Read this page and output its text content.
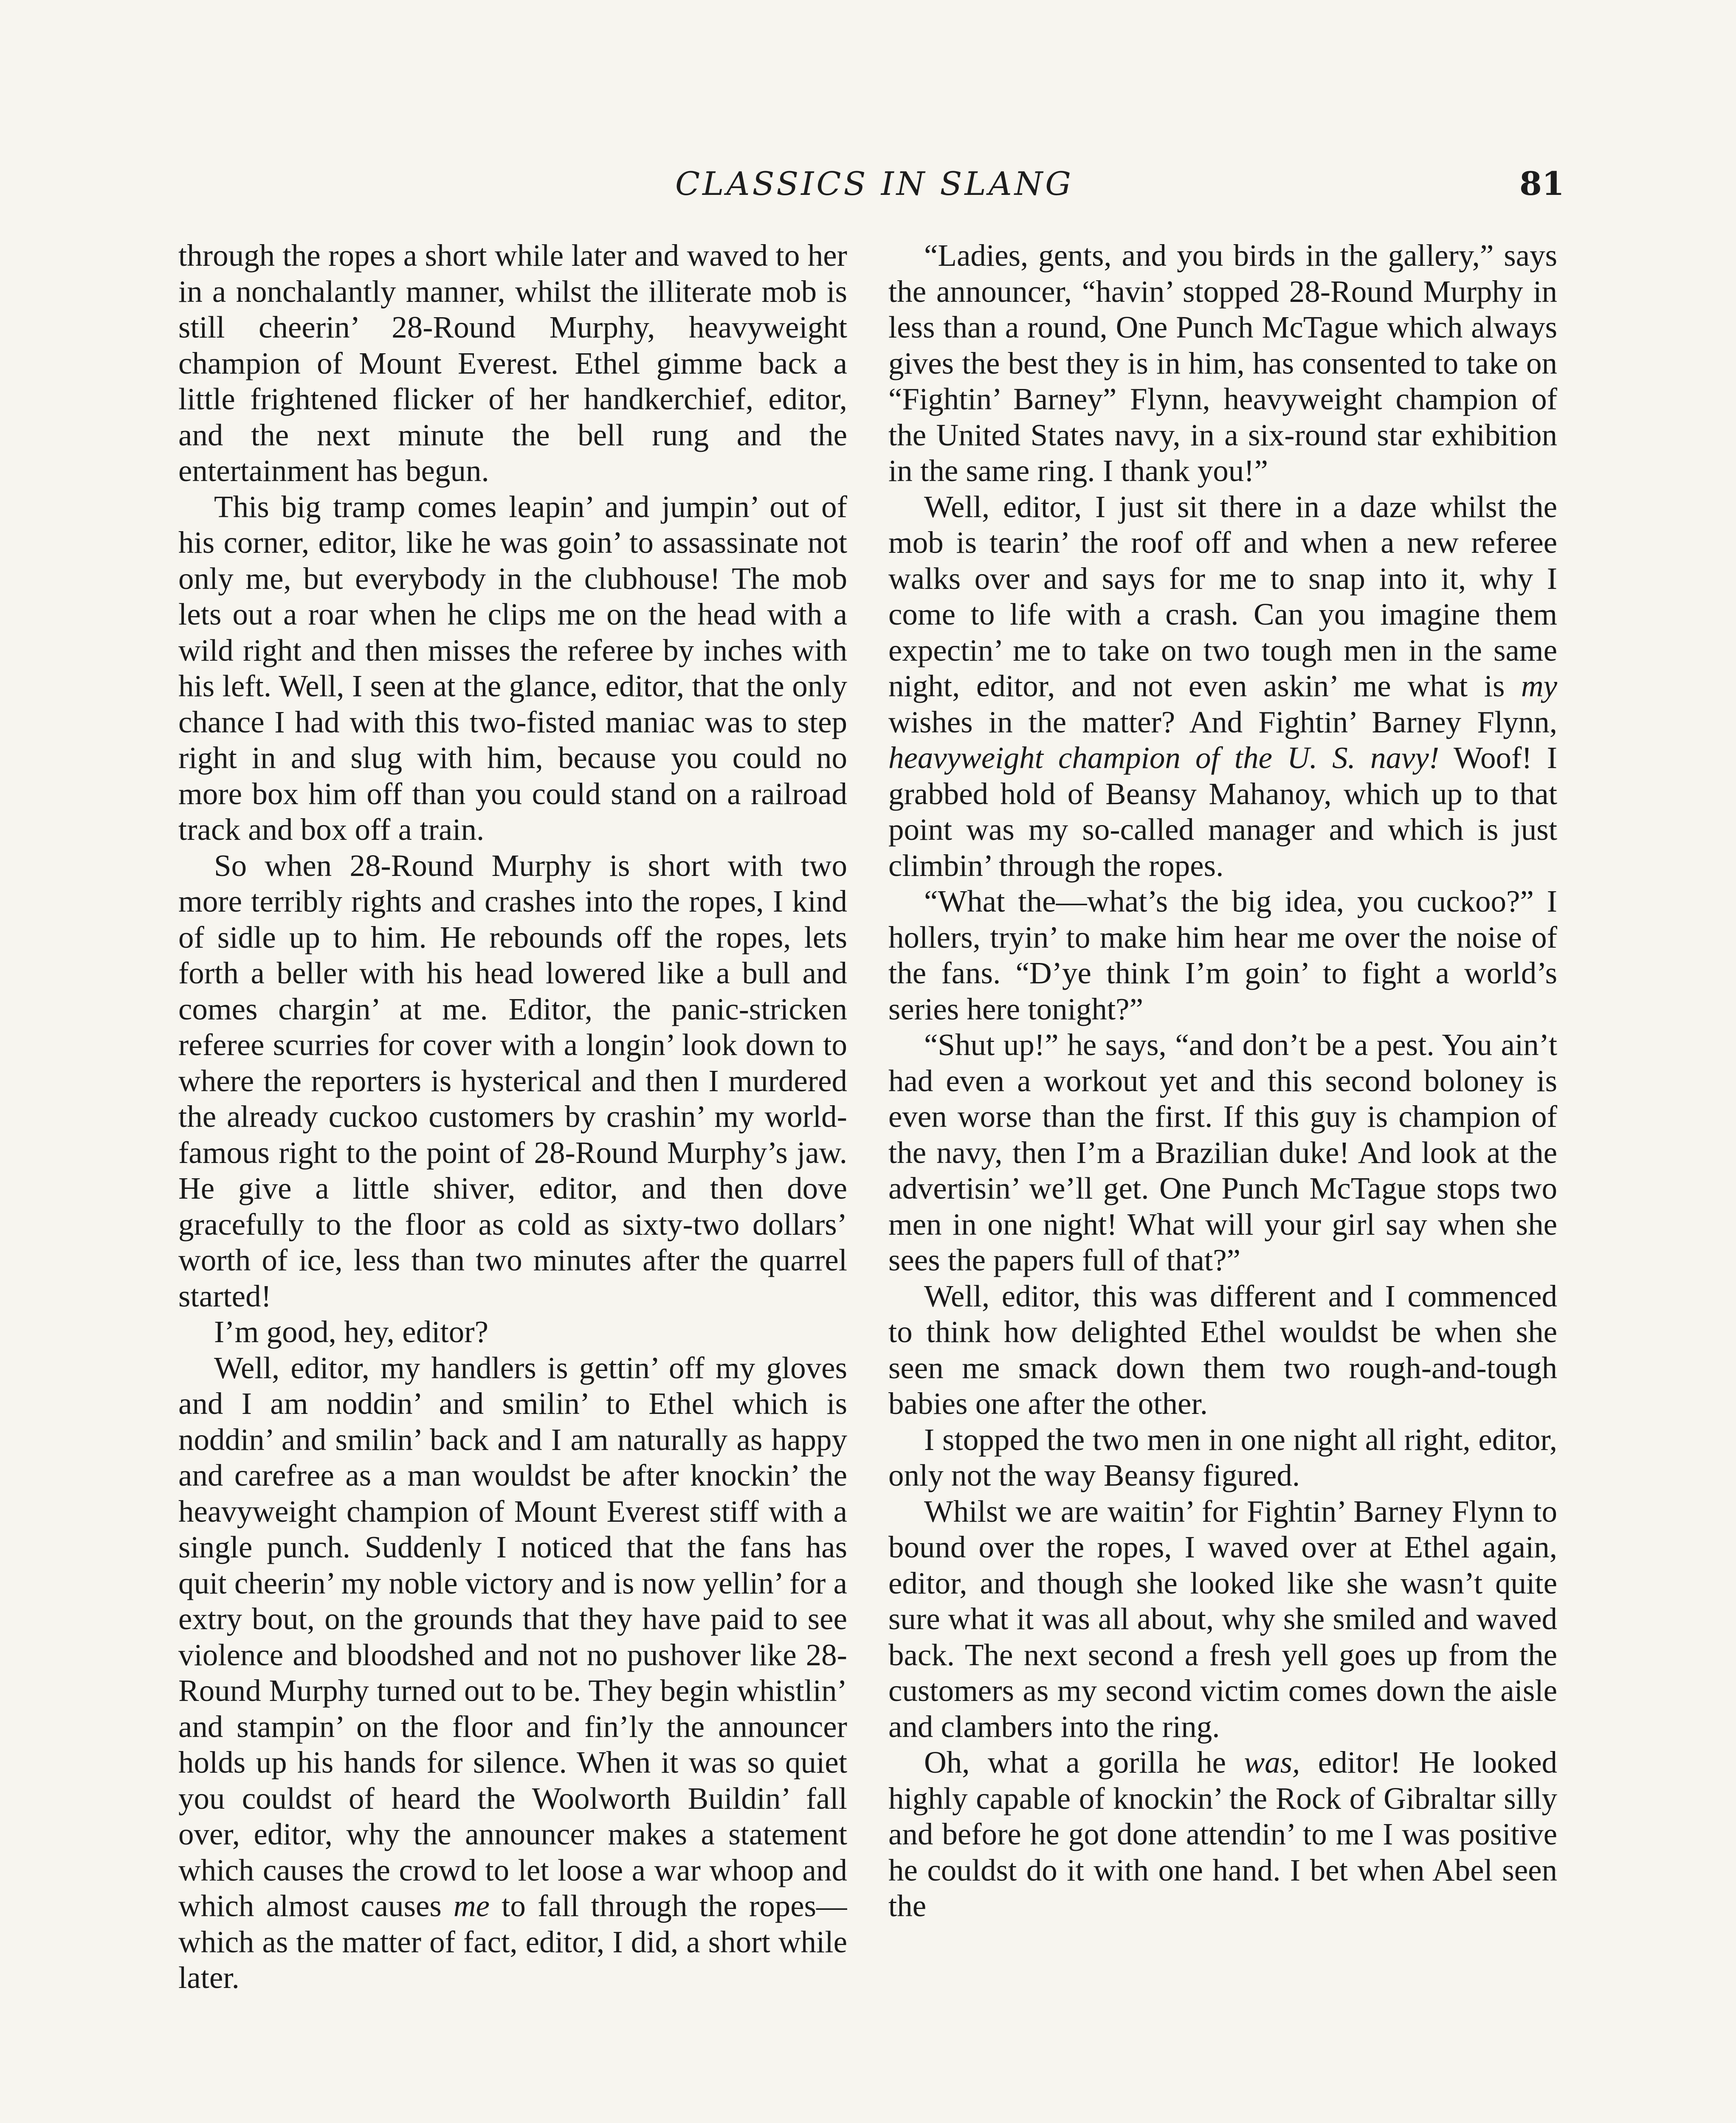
CLASSICS IN SLANG	81

through the ropes a short while later and waved to her in a nonchalantly manner, whilst the illiterate mob is still cheerin’ 28-Round Murphy, heavyweight champion of Mount Everest. Ethel gimme back a little frightened flicker of her handkerchief, editor, and the next minute the bell rung and the entertainment has begun.

This big tramp comes leapin’ and jumpin’ out of his corner, editor, like he was goin’ to assassinate not only me, but everybody in the clubhouse! The mob lets out a roar when he clips me on the head with a wild right and then misses the referee by inches with his left. Well, I seen at the glance, editor, that the only chance I had with this two-fisted maniac was to step right in and slug with him, because you could no more box him off than you could stand on a railroad track and box off a train.

So when 28-Round Murphy is short with two more terribly rights and crashes into the ropes, I kind of sidle up to him. He rebounds off the ropes, lets forth a beller with his head lowered like a bull and comes chargin’ at me. Editor, the panic-stricken referee scurries for cover with a longin’ look down to where the reporters is hysterical and then I murdered the already cuckoo customers by crashin’ my world-famous right to the point of 28-Round Murphy’s jaw. He give a little shiver, editor, and then dove gracefully to the floor as cold as sixty-two dollars’ worth of ice, less than two minutes after the quarrel started!

I’m good, hey, editor?

Well, editor, my handlers is gettin’ off my gloves and I am noddin’ and smilin’ to Ethel which is noddin’ and smilin’ back and I am naturally as happy and carefree as a man wouldst be after knockin’ the heavyweight champion of Mount Everest stiff with a single punch. Suddenly I noticed that the fans has quit cheerin’ my noble victory and is now yellin’ for a extry bout, on the grounds that they have paid to see violence and bloodshed and not no pushover like 28-Round Murphy turned out to be. They begin whistlin’ and stampin’ on the floor and fin’ly the announcer holds up his hands for silence. When it was so quiet you couldst of heard the Woolworth Buildin’ fall over, editor, why the announcer makes a statement which causes the crowd to let loose a war whoop and which almost causes me to fall through the ropes—which as the matter of fact, editor, I did, a short while later.

“Ladies, gents, and you birds in the gallery,” says the announcer, “havin’ stopped 28-Round Murphy in less than a round, One Punch McTague which always gives the best they is in him, has consented to take on “Fightin’ Barney” Flynn, heavyweight champion of the United States navy, in a six-round star exhibition in the same ring. I thank you!”

Well, editor, I just sit there in a daze whilst the mob is tearin’ the roof off and when a new referee walks over and says for me to snap into it, why I come to life with a crash. Can you imagine them expectin’ me to take on two tough men in the same night, editor, and not even askin’ me what is my wishes in the matter? And Fightin’ Barney Flynn, heavyweight champion of the U. S. navy! Woof! I grabbed hold of Beansy Mahanoy, which up to that point was my so-called manager and which is just climbin’ through the ropes.

“What the—what’s the big idea, you cuckoo?” I hollers, tryin’ to make him hear me over the noise of the fans. “D’ye think I’m goin’ to fight a world’s series here tonight?”

“Shut up!” he says, “and don’t be a pest. You ain’t had even a workout yet and this second boloney is even worse than the first. If this guy is champion of the navy, then I’m a Brazilian duke! And look at the advertisin’ we’ll get. One Punch McTague stops two men in one night! What will your girl say when she sees the papers full of that?”

Well, editor, this was different and I commenced to think how delighted Ethel wouldst be when she seen me smack down them two rough-and-tough babies one after the other.

I stopped the two men in one night all right, editor, only not the way Beansy figured.

Whilst we are waitin’ for Fightin’ Barney Flynn to bound over the ropes, I waved over at Ethel again, editor, and though she looked like she wasn’t quite sure what it was all about, why she smiled and waved back. The next second a fresh yell goes up from the customers as my second victim comes down the aisle and clambers into the ring.

Oh, what a gorilla he was, editor! He looked highly capable of knockin’ the Rock of Gibraltar silly and before he got done attendin’ to me I was positive he couldst do it with one hand. I bet when Abel seen the
